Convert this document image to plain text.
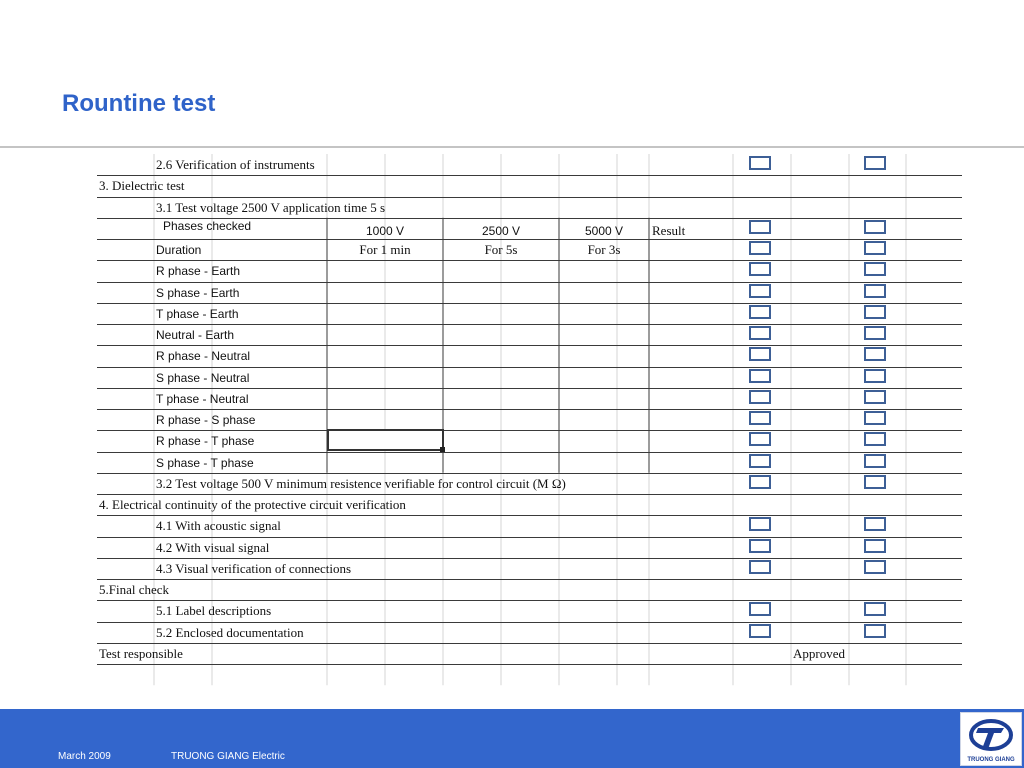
Rountine test
2.6 Verification of instruments
3. Dielectric test
3.1 Test voltage 2500 V application time 5 s
Phases checked	1000 V	2500 V	5000 V	Result
Duration	For 1 min	For 5s	For 3s
R phase - Earth
S phase - Earth
T phase - Earth
Neutral - Earth
R phase - Neutral
S phase - Neutral
T phase - Neutral
R phase - S phase
R phase - T phase
S phase - T phase
3.2 Test voltage 500 V minimum resistence verifiable for control circuit (M Ω)
4. Electrical continuity of the protective circuit verification
4.1 With acoustic signal
4.2 With visual signal
4.3 Visual verification of connections
5.Final check
5.1 Label descriptions
5.2 Enclosed documentation
Test responsible	Approved
March 2009	TRUONG GIANG Electric	TRUONG GIANG
